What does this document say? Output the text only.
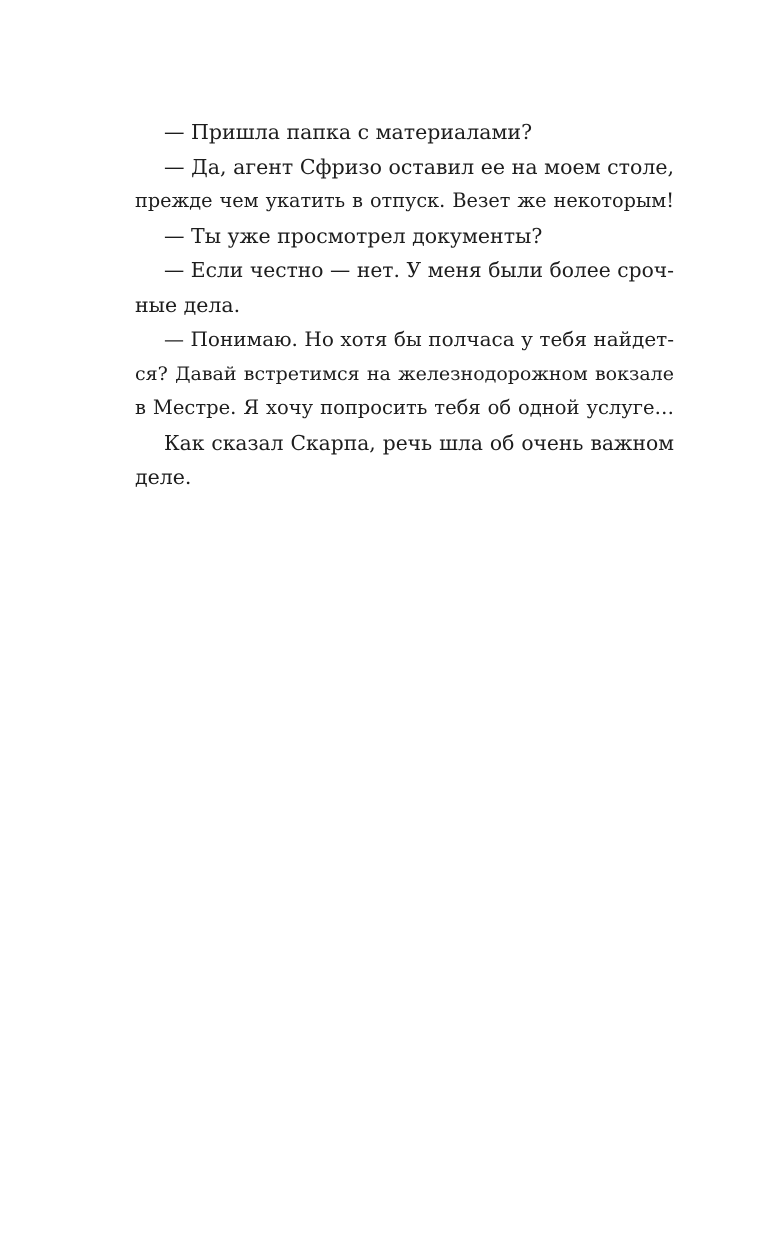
— Пришла папка с материалами?
— Да, агент Сфризо оставил ее на моем столе,
прежде чем укатить в отпуск. Везет же некоторым!
— Ты уже просмотрел документы?
— Если честно — нет. У меня были более сроч-
ные дела.
— Понимаю. Но хотя бы полчаса у тебя найдет-
ся? Давай встретимся на железнодорожном вокзале
в Местре. Я хочу попросить тебя об одной услуге…
Как сказал Скарпа, речь шла об очень важном
деле.
